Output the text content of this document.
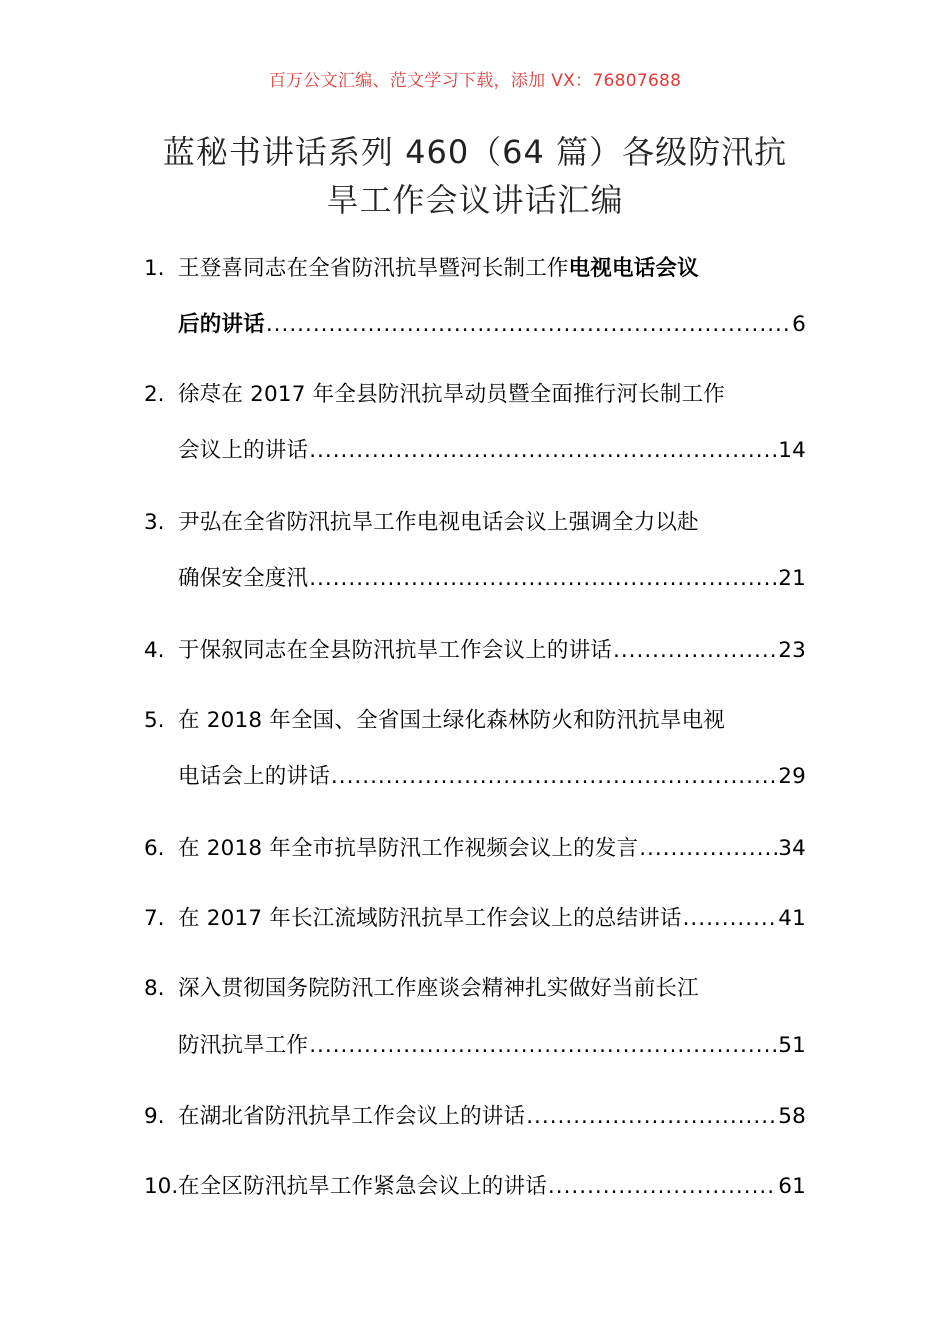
百万公文汇编、范文学习下载，添加 VX：76807688
蓝秘书讲话系列 460（64 篇）各级防汛抗
旱工作会议讲话汇编
1. 王登喜同志在全省防汛抗旱暨河长制工作 电视电话会议
后的讲话 .....	6
2. 徐荩在 2017 年全县防汛抗旱动员暨全面推行河长制工作
会议上的讲话 .....	14
3. 尹弘在全省防汛抗旱工作电视电话会议上强调全力以赴
确保安全度汛 .....	21
4. 于保叙同志在全县防汛抗旱工作会议上的讲话 .....	23
5. 在 2018 年全国、全省国土绿化森林防火和防汛抗旱电视
电话会上的讲话 .....	29
6. 在 2018 年全市抗旱防汛工作视频会议上的发言 .....	34
7. 在 2017 年长江流域防汛抗旱工作会议上的总结讲话 .....	41
8. 深入贯彻国务院防汛工作座谈会精神扎实做好当前长江
防汛抗旱工作 .....	51
9. 在湖北省防汛抗旱工作会议上的讲话 .....	58
10. 在全区防汛抗旱工作紧急会议上的讲话 .....	61
